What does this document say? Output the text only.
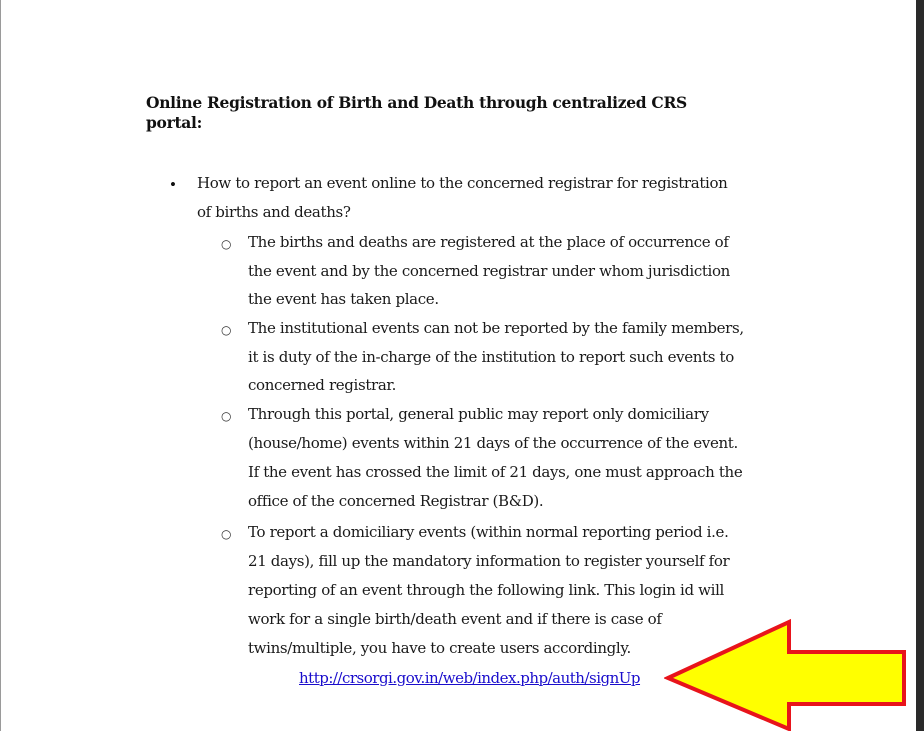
Online Registration of Birth and Death through centralized CRS
portal:
• How to report an event online to the concerned registrar for registration
of births and deaths?
○ The births and deaths are registered at the place of occurrence of
the event and by the concerned registrar under whom jurisdiction
the event has taken place.
○ The institutional events can not be reported by the family members,
it is duty of the in-charge of the institution to report such events to
concerned registrar.
○ Through this portal, general public may report only domiciliary
(house/home) events within 21 days of the occurrence of the event.
If the event has crossed the limit of 21 days, one must approach the
office of the concerned Registrar (B&D).
○ To report a domiciliary events (within normal reporting period i.e.
21 days), fill up the mandatory information to register yourself for
reporting of an event through the following link. This login id will
work for a single birth/death event and if there is case of
twins/multiple, you have to create users accordingly.
http://crsorgi.gov.in/web/index.php/auth/signUp
